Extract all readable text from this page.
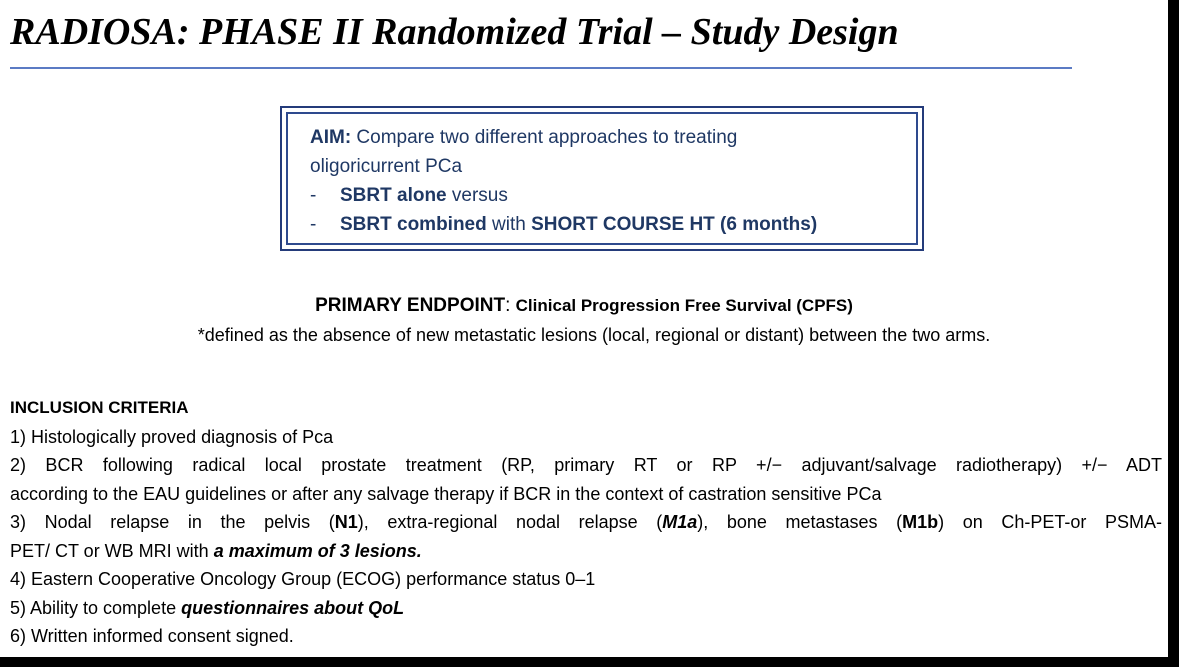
RADIOSA: PHASE II Randomized Trial – Study Design

AIM: Compare two different approaches to treating

oligoricurrent PCa

-	SBRT alone versus

-	SBRT combined with SHORT COURSE HT (6 months)

PRIMARY ENDPOINT: Clinical Progression Free Survival (CPFS)
*defined as the absence of new metastatic lesions (local, regional or distant) between the two arms.

INCLUSION CRITERIA

1) Histologically proved diagnosis of Pca

2) BCR following radical local prostate treatment (RP, primary RT or RP +/− adjuvant/salvage radiotherapy) +/− ADT

according to the EAU guidelines or after any salvage therapy if BCR in the context of castration sensitive PCa

3) Nodal relapse in the pelvis (N1), extra-regional nodal relapse (M1a), bone metastases (M1b) on Ch-PET-or PSMA-

PET/ CT or WB MRI with a maximum of 3 lesions.

4) Eastern Cooperative Oncology Group (ECOG) performance status 0–1

5) Ability to complete questionnaires about QoL

6) Written informed consent signed.
